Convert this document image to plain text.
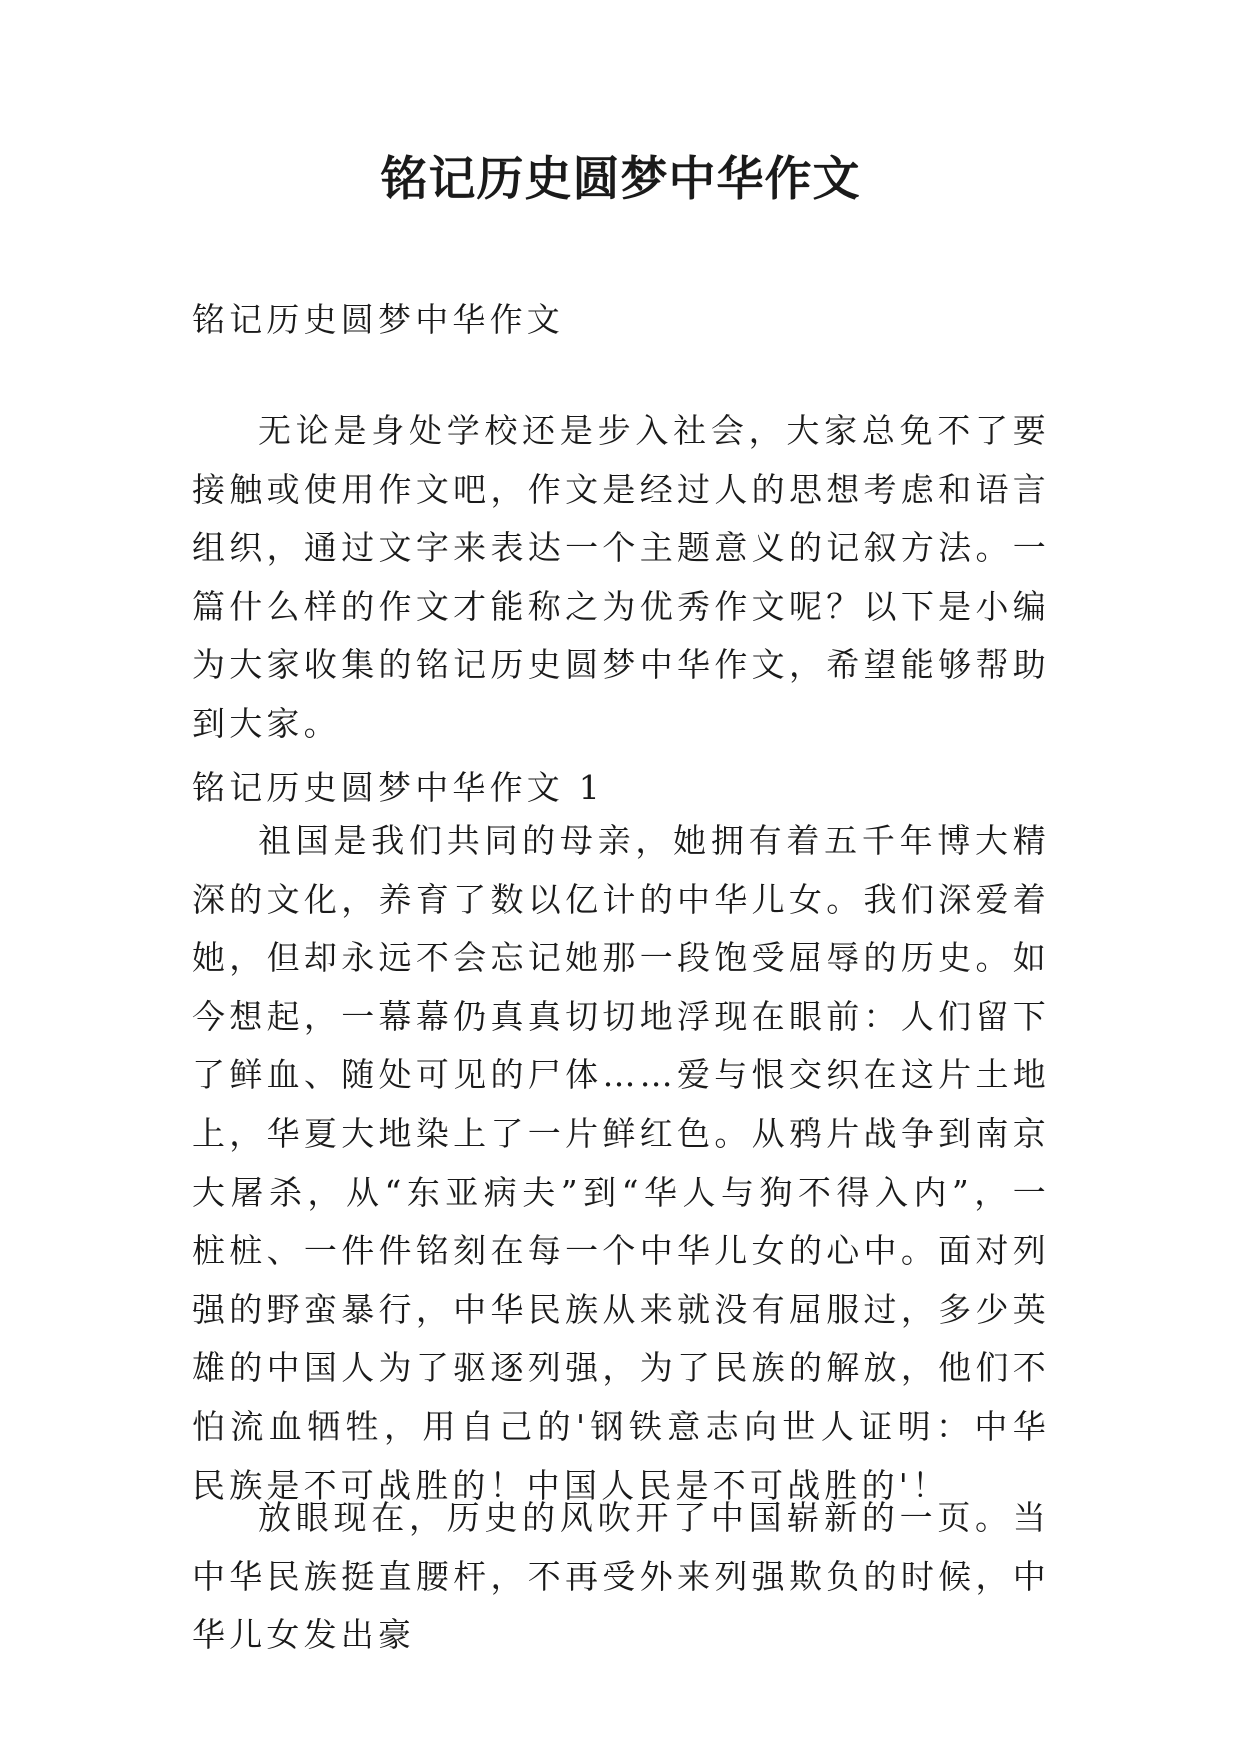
铭记历史圆梦中华作文
铭记历史圆梦中华作文
无论是身处学校还是步入社会，大家总免不了要接触或使用作文吧，作文是经过人的思想考虑和语言组织，通过文字来表达一个主题意义的记叙方法。一篇什么样的作文才能称之为优秀作文呢？以下是小编为大家收集的铭记历史圆梦中华作文，希望能够帮助到大家。
铭记历史圆梦中华作文 1
祖国是我们共同的母亲，她拥有着五千年博大精深的文化，养育了数以亿计的中华儿女。我们深爱着她，但却永远不会忘记她那一段饱受屈辱的历史。如今想起，一幕幕仍真真切切地浮现在眼前：人们留下了鲜血、随处可见的尸体……爱与恨交织在这片土地上，华夏大地染上了一片鲜红色。从鸦片战争到南京大屠杀，从“东亚病夫”到“华人与狗不得入内”，一桩桩、一件件铭刻在每一个中华儿女的心中。面对列强的野蛮暴行，中华民族从来就没有屈服过，多少英雄的中国人为了驱逐列强，为了民族的解放，他们不怕流血牺牲，用自己的'钢铁意志向世人证明：中华民族是不可战胜的！中国人民是不可战胜的'！
放眼现在，历史的风吹开了中国崭新的一页。当中华民族挺直腰杆，不再受外来列强欺负的时候，中华儿女发出豪
